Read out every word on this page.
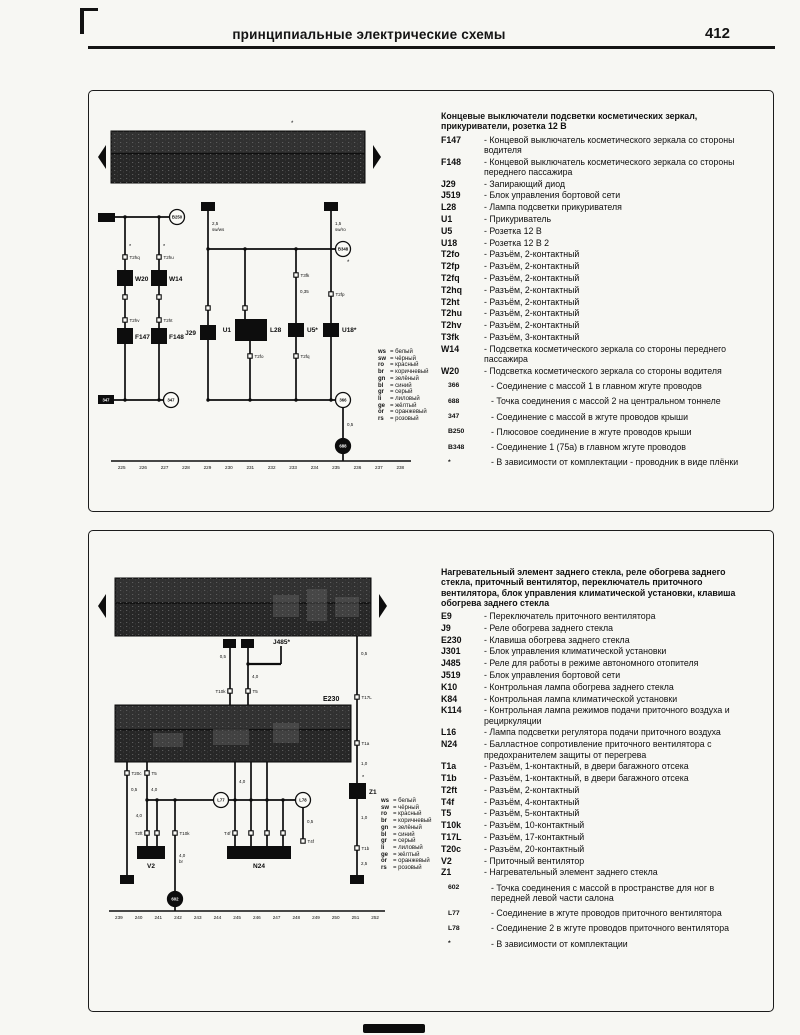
принципиальные электрические схемы	412
*
B250
*	*
T2hq	T2hu
W20	W14
T2hv	T2ht
F147	F148
347	347
2,5
sw/ws
1,5
sw/ro
B348
*
T3fk
0,35
T2fp
J29	U1	L28	U5*	U18*
T2fo	T2fq
366
0,5
688
225	226	227	228	229	230	231	232	233	234	235	236	237	238
ws = белый
sw = чёрный
ro	= красный
br	= коричневый
gn = зелёный
bl	= синий
gr	= серый
li	= лиловый
ge = жёлтый
or	= оранжевый
rs	= розовый
Концевые выключатели подсветки косметических зеркал, прикуриватели, розетка 12 В
F147	- Концевой выключатель косметического зеркала со стороны водителя
F148	- Концевой выключатель косметического зеркала со стороны переднего пассажира
J29	- Запирающий диод
J519	- Блок управления бортовой сети
L28	- Лампа подсветки прикуривателя
U1	- Прикуриватель
U5	- Розетка 12 В
U18	- Розетка 12 В 2
T2fo	- Разъём, 2-контактный
T2fp	- Разъём, 2-контактный
T2fq	- Разъём, 2-контактный
T2hq	- Разъём, 2-контактный
T2ht	- Разъём, 2-контактный
T2hu	- Разъём, 2-контактный
T2hv	- Разъём, 2-контактный
T3fk	- Разъём, 3-контактный
W14	- Подсветка косметического зеркала со стороны переднего пассажира
W20	- Подсветка косметического зеркала со стороны водителя
366	- Соединение с массой 1 в главном жгуте проводов
688	- Точка соединения с массой 2 на центральном тоннеле
347	- Соединение с массой в жгуте проводов крыши
B250	- Плюсовое соединение в жгуте проводов крыши
B348	- Соединение 1 (75а) в главном жгуте проводов
*	- В зависимости от комплектации - проводник в виде плёнки
0,5
T17L
T1a
1,0
*
Z1
1,0
T1b
2,5
J485*
0,5
T10k	T5
4,0
E230
T20c
0,5
T5
4,0
T2ft
4,0
V2
T10k
4,0
br
602
4,0
T4f
N24
L77	L78
0,5
T4f
239	240	241	242	243	244	245	246	247	248	249	250	251	252
ws = белый
sw = чёрный
ro	= красный
br	= коричневый
gn = зелёный
bl	= синий
gr	= серый
li	= лиловый
ge = жёлтый
or	= оранжевый
rs	= розовый
Нагревательный элемент заднего стекла, реле обогрева заднего стекла, приточный вентилятор, переключатель приточного вентилятора, блок управления климатической установки, клавиша обогрева заднего стекла
E9	- Переключатель приточного вентилятора
J9	- Реле обогрева заднего стекла
E230	- Клавиша обогрева заднего стекла
J301	- Блок управления климатической установки
J485	- Реле для работы в режиме автономного отопителя
J519	- Блок управления бортовой сети
K10	- Контрольная лампа обогрева заднего стекла
K84	- Контрольная лампа климатической установки
K114	- Контрольная лампа режимов подачи приточного воздуха и рециркуляции
L16	- Лампа подсветки регулятора подачи приточного воздуха
N24	- Балластное сопротивление приточного вентилятора с предохранителем защиты от перегрева
T1a	- Разъём, 1-контактный, в двери багажного отсека
T1b	- Разъём, 1-контактный, в двери багажного отсека
T2ft	- Разъём, 2-контактный
T4f	- Разъём, 4-контактный
T5	- Разъём, 5-контактный
T10k	- Разъём, 10-контактный
T17L	- Разъём, 17-контактный
T20c	- Разъём, 20-контактный
V2	- Приточный вентилятор
Z1	- Нагревательный элемент заднего стекла
602	- Точка соединения с массой в пространстве для ног в передней левой части салона
L77	- Соединение в жгуте проводов приточного вентилятора
L78	- Соединение 2 в жгуте проводов приточного вентилятора
*	- В зависимости от комплектации
